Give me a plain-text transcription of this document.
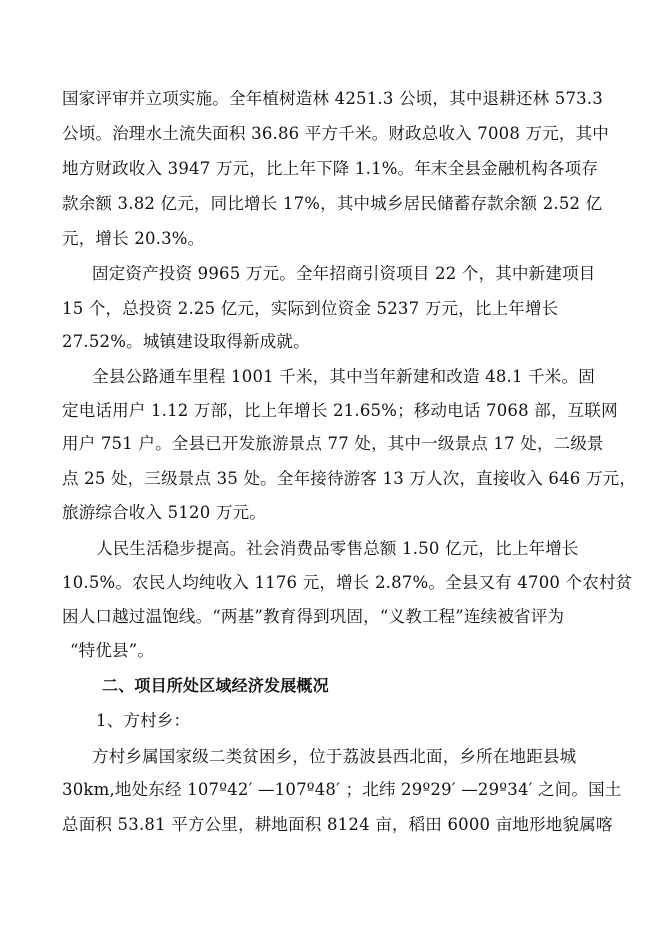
国家评审并立项实施。全年植树造林 4251.3 公顷，其中退耕还林 573.3
公顷。治理水土流失面积 36.86 平方千米。财政总收入 7008 万元，其中
地方财政收入 3947 万元，比上年下降 1.1%。年末全县金融机构各项存
款余额 3.82 亿元，同比增长 17%，其中城乡居民储蓄存款余额 2.52 亿
元，增长 20.3%。
固定资产投资 9965 万元。全年招商引资项目 22 个，其中新建项目
15 个，总投资 2.25 亿元，实际到位资金 5237 万元，比上年增长
27.52%。城镇建设取得新成就。
全县公路通车里程 1001 千米，其中当年新建和改造 48.1 千米。固
定电话用户 1.12 万部，比上年增长 21.65%；移动电话 7068 部，互联网
用户 751 户。全县已开发旅游景点 77 处，其中一级景点 17 处，二级景
点 25 处，三级景点 35 处。全年接待游客 13 万人次，直接收入 646 万元，
旅游综合收入 5120 万元。
人民生活稳步提高。社会消费品零售总额 1.50 亿元，比上年增长
10.5%。农民人均纯收入 1176 元，增长 2.87%。全县又有 4700 个农村贫
困人口越过温饱线。“两基”教育得到巩固，“义教工程”连续被省评为
“特优县”。
二、项目所处区域经济发展概况
1、方村乡：
方村乡属国家级二类贫困乡，位于荔波县西北面，乡所在地距县城
30km,地处东经 107º42′ —107º48′ ；北纬 29º29′ —29º34′ 之间。国土
总面积 53.81 平方公里，耕地面积 8124 亩，稻田 6000 亩地形地貌属喀
